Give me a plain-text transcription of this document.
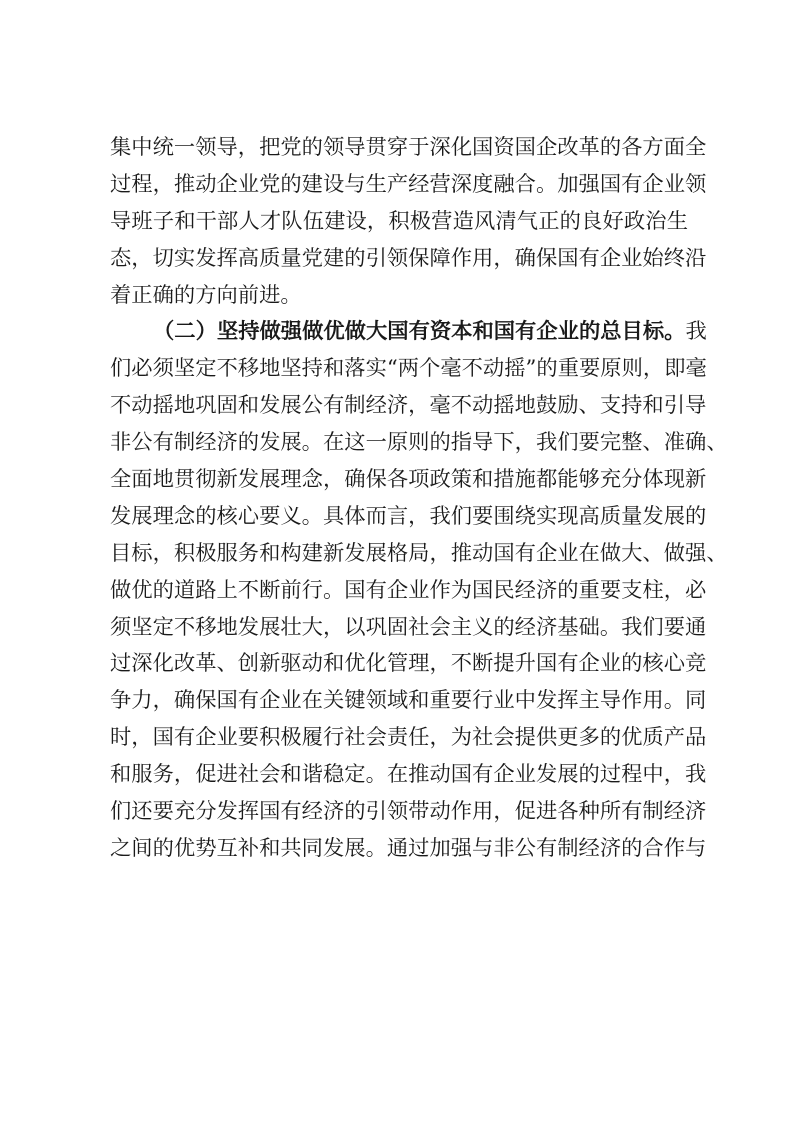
集中统一领导，把党的领导贯穿于深化国资国企改革的各方面全
过程，推动企业党的建设与生产经营深度融合。加强国有企业领
导班子和干部人才队伍建设，积极营造风清气正的良好政治生
态，切实发挥高质量党建的引领保障作用，确保国有企业始终沿
着正确的方向前进。
（二）坚持做强做优做大国有资本和国有企业的总目标。我
们必须坚定不移地坚持和落实“两个毫不动摇”的重要原则，即毫
不动摇地巩固和发展公有制经济，毫不动摇地鼓励、支持和引导
非公有制经济的发展。在这一原则的指导下，我们要完整、准确、
全面地贯彻新发展理念，确保各项政策和措施都能够充分体现新
发展理念的核心要义。具体而言，我们要围绕实现高质量发展的
目标，积极服务和构建新发展格局，推动国有企业在做大、做强、
做优的道路上不断前行。国有企业作为国民经济的重要支柱，必
须坚定不移地发展壮大，以巩固社会主义的经济基础。我们要通
过深化改革、创新驱动和优化管理，不断提升国有企业的核心竞
争力，确保国有企业在关键领域和重要行业中发挥主导作用。同
时，国有企业要积极履行社会责任，为社会提供更多的优质产品
和服务，促进社会和谐稳定。在推动国有企业发展的过程中，我
们还要充分发挥国有经济的引领带动作用，促进各种所有制经济
之间的优势互补和共同发展。通过加强与非公有制经济的合作与
